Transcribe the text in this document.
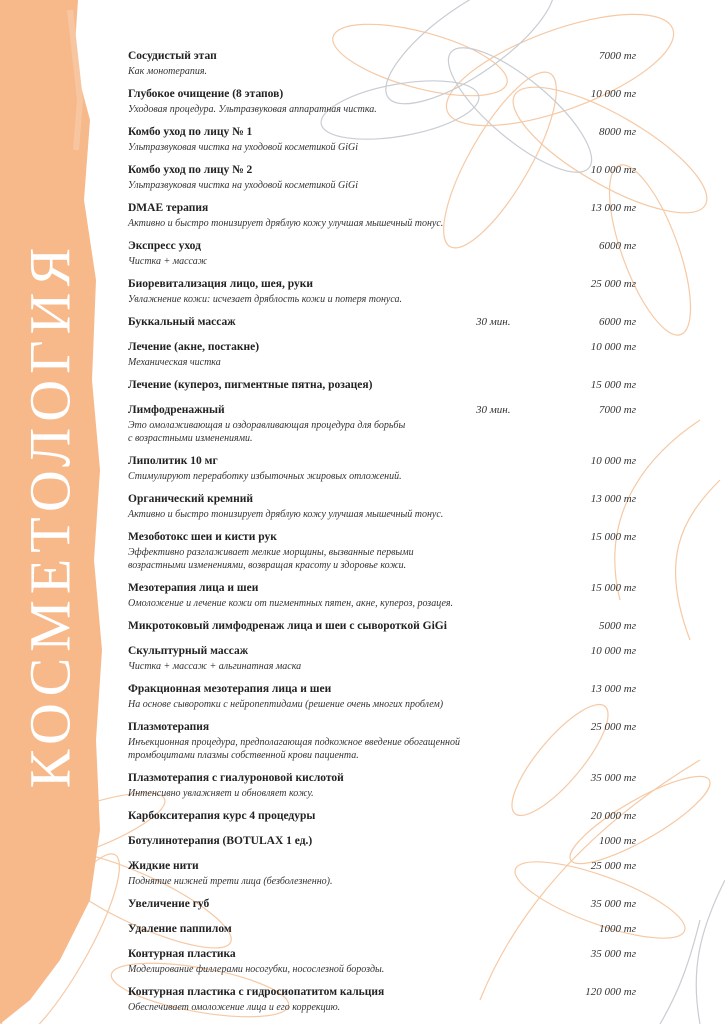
КОСМЕТОЛОГИЯ
Сосудистый этап	7000 тг
Как монотерапия.
Глубокое очищение (8 этапов)	10 000 тг
Уходовая процедура. Ультразвуковая аппаратная чистка.
Комбо уход по лицу № 1	8000 тг
Ультразвуковая чистка на уходовой косметикой GiGi
Комбо уход по лицу № 2	10 000 тг
Ультразвуковая чистка на уходовой косметикой GiGi
DMAE терапия	13 000 тг
Активно и быстро тонизирует дряблую кожу улучшая мышечный тонус.
Экспресс уход	6000 тг
Чистка + массаж
Биоревитализация лицо, шея, руки	25 000 тг
Увлажнение кожи: исчезает дряблость кожи и потеря тонуса.
Буккальный массаж	30 мин.	6000 тг
Лечение (акне, постакне)	10 000 тг
Механическая чистка
Лечение (купероз, пигментные пятна, розацея)	15 000 тг
Лимфодренажный	30 мин.	7000 тг
Это омолаживающая и оздоравливающая процедура для борьбы
с возрастными изменениями.
Липолитик 10 мг	10 000 тг
Стимулируют переработку избыточных жировых отложений.
Органический кремний	13 000 тг
Активно и быстро тонизирует дряблую кожу улучшая мышечный тонус.
Мезоботокс шеи и кисти рук	15 000 тг
Эффективно разглаживает мелкие морщины, вызванные первыми
возрастными изменениями, возвращая красоту и здоровье кожи.
Мезотерапия лица и шеи	15 000 тг
Омоложение и лечение кожи от пигментных пятен, акне, купероз, розацея.
Микротоковый лимфодренаж лица и шеи с сывороткой GiGi	5000 тг
Скульптурный массаж	10 000 тг
Чистка + массаж + альгинатная маска
Фракционная мезотерапия лица и шеи	13 000 тг
На основе сыворотки с нейропептидами (решение очень многих проблем)
Плазмотерапия	25 000 тг
Инъекционная процедура, предполагающая подкожное введение обогащенной
тромбоцитами плазмы собственной крови пациента.
Плазмотерапия с гиалуроновой кислотой	35 000 тг
Интенсивно увлажняет и обновляет кожу.
Карбокситерапия курс 4 процедуры	20 000 тг
Ботулинотерапия (BOTULAX 1 ед.)	1000 тг
Жидкие нити	25 000 тг
Поднятие нижней трети лица (безболезненно).
Увеличение губ	35 000 тг
Удаление паппилом	1000 тг
Контурная пластика	35 000 тг
Моделирование филлерами носогубки, носослезной борозды.
Контурная пластика с гидросиопатитом кальция	120 000 тг
Обеспечивает омоложение лица и его коррекцию.
